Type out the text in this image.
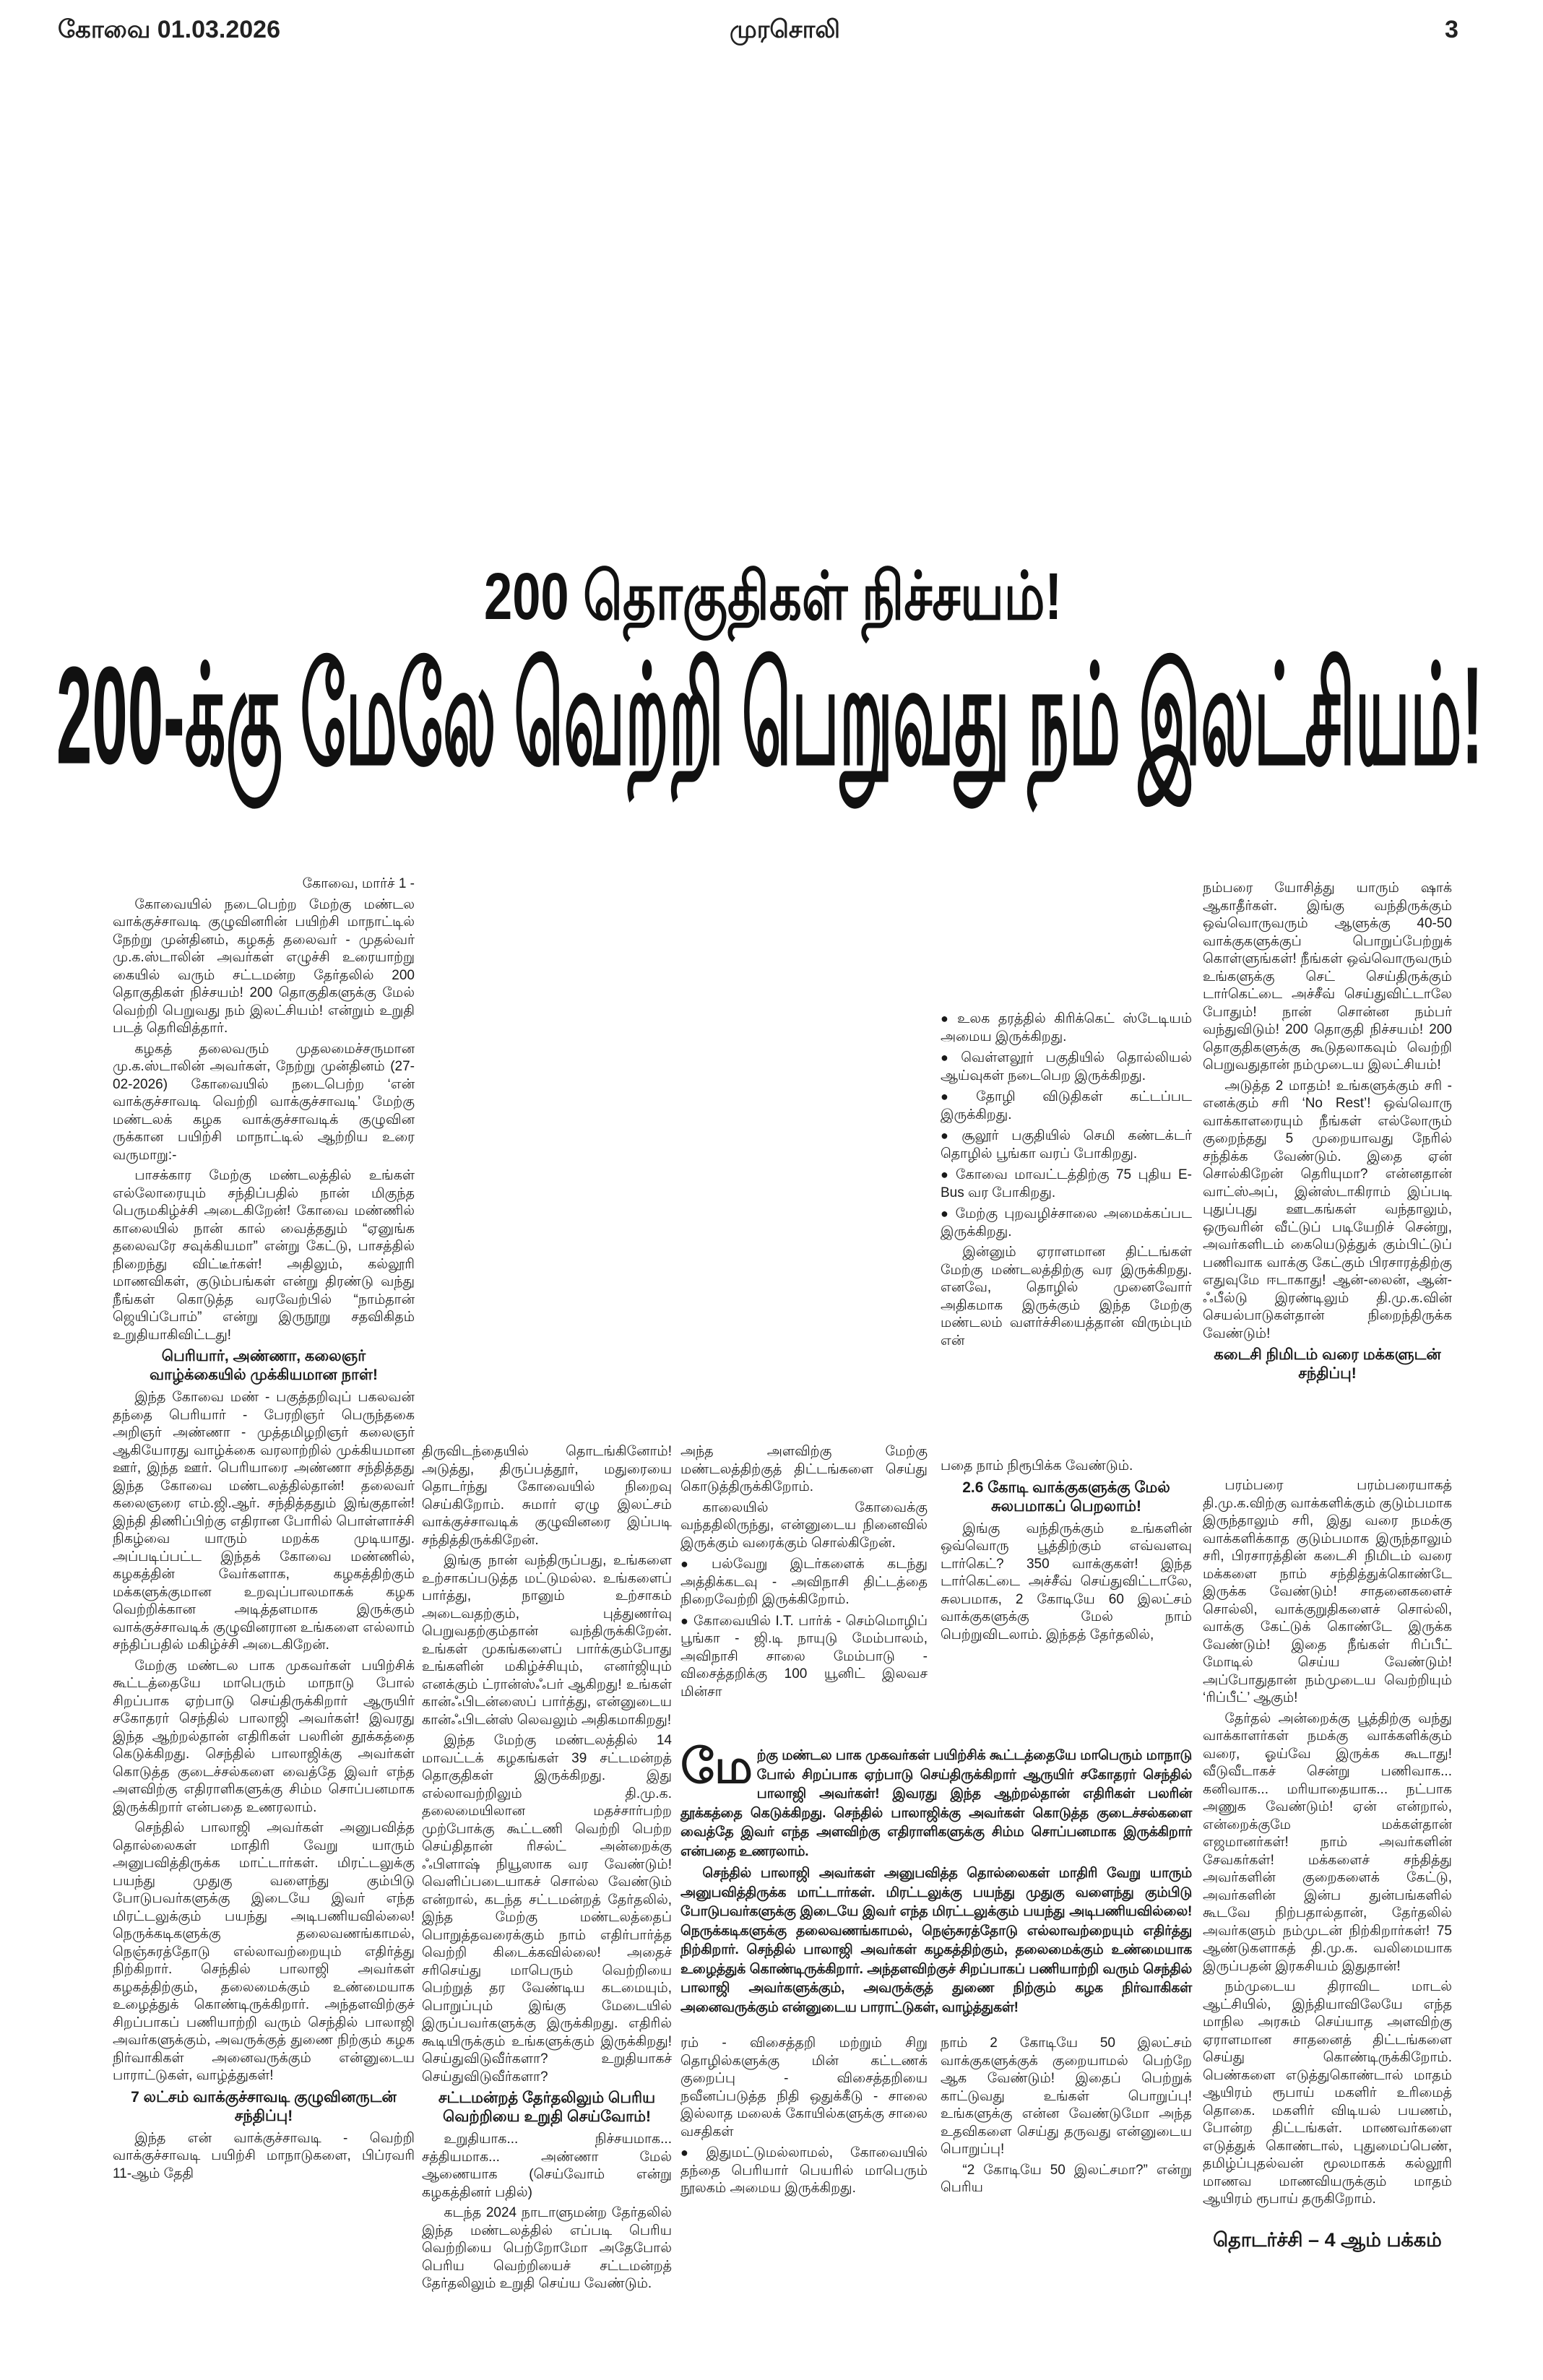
கோவை 01.03.2026	முரசொலி	3
200 தொகுதிகள் நிச்சயம்!
200-க்கு மேலே வெற்றி பெறுவது நம் இலட்சியம்!

கோவை, மார்ச் 1 -

கோவையில் நடைபெற்ற மேற்கு மண்டல வாக்குச்சாவடி குழுவினரின் பயிற்சி மாநாட்டில் நேற்று முன்தினம், கழகத் தலைவர் - முதல்வர் மு.க.ஸ்டாலின் அவர்கள் எழுச்சி உரையாற்று கையில் வரும் சட்டமன்ற தேர்தலில் 200 தொகுதிகள் நிச்சயம்! 200 தொகுதிகளுக்கு மேல் வெற்றி பெறுவது நம் இலட்சியம்! என்றும் உறுதி படத் தெரிவித்தார்.

கழகத் தலைவரும் முதலமைச்சருமான மு.க.ஸ்டாலின் அவர்கள், நேற்று முன்தினம் (27-02-2026) கோவையில் நடைபெற்ற ‘என் வாக்குச்சாவடி வெற்றி வாக்குச்சாவடி’ மேற்கு மண்டலக் கழக வாக்குச்சாவடிக் குழுவின ருக்கான பயிற்சி மாநாட்டில் ஆற்றிய உரை வருமாறு:-

பாசக்கார மேற்கு மண்டலத்தில் உங்கள் எல்லோரையும் சந்திப்பதில் நான் மிகுந்த பெருமகிழ்ச்சி அடைகிறேன்! கோவை மண்ணில் காலையில் நான் கால் வைத்ததும் “ஏனுங்க தலைவரே சவுக்கியமா” என்று கேட்டு, பாசத்தில் நிறைந்து விட்டீர்கள்! அதிலும், கல்லூரி மாணவிகள், குடும்பங்கள் என்று திரண்டு வந்து நீங்கள் கொடுத்த வரவேற்பில் “நாம்தான் ஜெயிப்போம்” என்று இருநூறு சதவிகிதம் உறுதியாகிவிட்டது!

பெரியார், அண்ணா, கலைஞர் வாழ்க்கையில் முக்கியமான நாள்!

இந்த கோவை மண் - பகுத்தறிவுப் பகலவன் தந்தை பெரியார் - பேரறிஞர் பெருந்தகை அறிஞர் அண்ணா - முத்தமிழறிஞர் கலைஞர் ஆகியோரது வாழ்க்கை வரலாற்றில் முக்கியமான ஊர், இந்த ஊர். பெரியாரை அண்ணா சந்தித்தது இந்த கோவை மண்டலத்தில்தான்! தலைவர் கலைஞரை எம்.ஜி.ஆர். சந்தித்ததும் இங்குதான்! இந்தி திணிப்பிற்கு எதிரான போரில் பொள்ளாச்சி நிகழ்வை யாரும் மறக்க முடியாது. அப்படிப்பட்ட இந்தக் கோவை மண்ணில், கழகத்தின் வேர்களாக, கழகத்திற்கும் மக்களுக்குமான உறவுப்பாலமாகக் கழக வெற்றிக்கான அடித்தளமாக இருக்கும் வாக்குச்சாவடிக் குழுவினரான உங்களை எல்லாம் சந்திப்பதில் மகிழ்ச்சி அடைகிறேன்.

மேற்கு மண்டல பாக முகவர்கள் பயிற்சிக் கூட்டத்தையே மாபெரும் மாநாடு போல் சிறப்பாக ஏற்பாடு செய்திருக்கிறார் ஆருயிர் சகோதரர் செந்தில் பாலாஜி அவர்கள்! இவரது இந்த ஆற்றல்தான் எதிரிகள் பலரின் தூக்கத்தை கெடுக்கிறது. செந்தில் பாலாஜிக்கு அவர்கள் கொடுத்த குடைச்சல்களை வைத்தே இவர் எந்த அளவிற்கு எதிராளிகளுக்கு சிம்ம சொப்பனமாக இருக்கிறார் என்பதை உணரலாம்.

செந்தில் பாலாஜி அவர்கள் அனுபவித்த தொல்லைகள் மாதிரி வேறு யாரும் அனுபவித்திருக்க மாட்டார்கள். மிரட்டலுக்கு பயந்து முதுகு வளைந்து கும்பிடு போடுபவர்களுக்கு இடையே இவர் எந்த மிரட்டலுக்கும் பயந்து அடிபணியவில்லை! நெருக்கடிகளுக்கு தலைவணங்காமல், நெஞ்சுரத்தோடு எல்லாவற்றையும் எதிர்த்து நிற்கிறார். செந்தில் பாலாஜி அவர்கள் கழகத்திற்கும், தலைமைக்கும் உண்மையாக உழைத்துக் கொண்டிருக்கிறார். அந்தளவிற்குச் சிறப்பாகப் பணியாற்றி வரும் செந்தில் பாலாஜி அவர்களுக்கும், அவருக்குத் துணை நிற்கும் கழக நிர்வாகிகள் அனைவருக்கும் என்னுடைய பாராட்டுகள், வாழ்த்துகள்!

7 லட்சம் வாக்குச்சாவடி குழுவினருடன் சந்திப்பு!

இந்த என் வாக்குச்சாவடி - வெற்றி வாக்குச்சாவடி பயிற்சி மாநாடுகளை, பிப்ரவரி 11-ஆம் தேதி

திருவிடந்தையில் தொடங்கினோம்! அடுத்து, திருப்பத்தூர், மதுரையை தொடர்ந்து கோவையில் நிறைவு செய்கிறோம். சுமார் ஏழு இலட்சம் வாக்குச்சாவடிக் குழுவினரை இப்படி சந்தித்திருக்கிறேன்.

இங்கு நான் வந்திருப்பது, உங்களை உற்சாகப்படுத்த மட்டுமல்ல. உங்களைப் பார்த்து, நானும் உற்சாகம் அடைவதற்கும், புத்துணர்வு பெறுவதற்கும்தான் வந்திருக்கிறேன். உங்கள் முகங்களைப் பார்க்கும்போது உங்களின் மகிழ்ச்சியும், எனர்ஜியும் எனக்கும் ட்ரான்ஸ்ஃபர் ஆகிறது! உங்கள் கான்ஃபிடன்ஸைப் பார்த்து, என்னுடைய கான்ஃபிடன்ஸ் லெவலும் அதிகமாகிறது!

இந்த மேற்கு மண்டலத்தில் 14 மாவட்டக் கழகங்கள் 39 சட்டமன்றத் தொகுதிகள் இருக்கிறது. இது எல்லாவற்றிலும் தி.மு.க. தலைமையிலான மதச்சார்பற்ற முற்போக்கு கூட்டணி வெற்றி பெற்ற செய்திதான் ரிசல்ட் அன்றைக்கு ஃபிளாஷ் நியூஸாக வர வேண்டும்! வெளிப்படையாகச் சொல்ல வேண்டும் என்றால், கடந்த சட்டமன்றத் தேர்தலில், இந்த மேற்கு மண்டலத்தைப் பொறுத்தவரைக்கும் நாம் எதிர்பார்த்த வெற்றி கிடைக்கவில்லை! அதைச் சரிசெய்து மாபெரும் வெற்றியை பெற்றுத் தர வேண்டிய கடமையும், பொறுப்பும் இங்கு மேடையில் இருப்பவர்களுக்கு இருக்கிறது. எதிரில் கூடியிருக்கும் உங்களுக்கும் இருக்கிறது! செய்துவிடுவீர்களா? உறுதியாகச் செய்துவிடுவீர்களா?

சட்டமன்றத் தேர்தலிலும் பெரிய வெற்றியை உறுதி செய்வோம்!

உறுதியாக... நிச்சயமாக... சத்தியமாக... அண்ணா மேல் ஆணையாக (செய்வோம் என்று கழகத்தினர் பதில்)

கடந்த 2024 நாடாளுமன்ற தேர்தலில் இந்த மண்டலத்தில் எப்படி பெரிய வெற்றியை பெற்றோமோ அதேபோல் பெரிய வெற்றியைச் சட்டமன்றத் தேர்தலிலும் உறுதி செய்ய வேண்டும்.

அந்த அளவிற்கு மேற்கு மண்டலத்திற்குத் திட்டங்களை செய்து கொடுத்திருக்கிறோம்.

காலையில் கோவைக்கு வந்ததிலிருந்து, என்னுடைய நினைவில் இருக்கும் வரைக்கும் சொல்கிறேன்.

● பல்வேறு இடர்களைக் கடந்து அத்திக்கடவு - அவிநாசி திட்டத்தை நிறைவேற்றி இருக்கிறோம்.

● கோவையில் I.T. பார்க் - செம்மொழிப் பூங்கா - ஜி.டி நாயுடு மேம்பாலம், அவிநாசி சாலை மேம்பாடு - விசைத்தறிக்கு 100 யூனிட் இலவச மின்சா

● உலக தரத்தில் கிரிக்கெட் ஸ்டேடியம் அமைய இருக்கிறது.

● வெள்ளலூர் பகுதியில் தொல்லியல் ஆய்வுகள் நடைபெற இருக்கிறது.

● தோழி விடுதிகள் கட்டப்பட இருக்கிறது.

● சூலூர் பகுதியில் செமி கண்டக்டர் தொழில் பூங்கா வரப் போகிறது.

● கோவை மாவட்டத்திற்கு 75 புதிய E-Bus வர போகிறது.

● மேற்கு புறவழிச்சாலை அமைக்கப்பட இருக்கிறது.

இன்னும் ஏராளமான திட்டங்கள் மேற்கு மண்டலத்திற்கு வர இருக்கிறது. எனவே, தொழில் முனைவோர் அதிகமாக இருக்கும் இந்த மேற்கு மண்டலம் வளர்ச்சியைத்தான் விரும்பும் என்

பதை நாம் நிரூபிக்க வேண்டும்.

2.6 கோடி வாக்குகளுக்கு மேல் சுலபமாகப் பெறலாம்!

இங்கு வந்திருக்கும் உங்களின் ஒவ்வொரு பூத்திற்கும் எவ்வளவு டார்கெட்? 350 வாக்குகள்! இந்த டார்கெட்டை அச்சீவ் செய்துவிட்டாலே, சுலபமாக, 2 கோடியே 60 இலட்சம் வாக்குகளுக்கு மேல் நாம் பெற்றுவிடலாம். இந்தத் தேர்தலில்,

மேற்கு மண்டல பாக முகவர்கள் பயிற்சிக் கூட்டத்தையே மாபெரும் மாநாடு போல் சிறப்பாக ஏற்பாடு செய்திருக்கிறார் ஆருயிர் சகோதரர் செந்தில் பாலாஜி அவர்கள்! இவரது இந்த ஆற்றல்தான் எதிரிகள் பலரின் தூக்கத்தை கெடுக்கிறது. செந்தில் பாலாஜிக்கு அவர்கள் கொடுத்த குடைச்சல்களை வைத்தே இவர் எந்த அளவிற்கு எதிராளிகளுக்கு சிம்ம சொப்பனமாக இருக்கிறார் என்பதை உணரலாம்.

செந்தில் பாலாஜி அவர்கள் அனுபவித்த தொல்லைகள் மாதிரி வேறு யாரும் அனுபவித்திருக்க மாட்டார்கள். மிரட்டலுக்கு பயந்து முதுகு வளைந்து கும்பிடு போடுபவர்களுக்கு இடையே இவர் எந்த மிரட்டலுக்கும் பயந்து அடிபணியவில்லை! நெருக்கடிகளுக்கு தலைவணங்காமல், நெஞ்சுரத்தோடு எல்லாவற்றையும் எதிர்த்து நிற்கிறார். செந்தில் பாலாஜி அவர்கள் கழகத்திற்கும், தலைமைக்கும் உண்மையாக உழைத்துக் கொண்டிருக்கிறார். அந்தளவிற்குச் சிறப்பாகப் பணியாற்றி வரும் செந்தில் பாலாஜி அவர்களுக்கும், அவருக்குத் துணை நிற்கும் கழக நிர்வாகிகள் அனைவருக்கும் என்னுடைய பாராட்டுகள், வாழ்த்துகள்!

ரம் - விசைத்தறி மற்றும் சிறு தொழில்களுக்கு மின் கட்டணக் குறைப்பு - விசைத்தறியை நவீனப்படுத்த நிதி ஒதுக்கீடு - சாலை இல்லாத மலைக் கோயில்களுக்கு சாலை வசதிகள்

● இதுமட்டுமல்லாமல், கோவையில் தந்தை பெரியார் பெயரில் மாபெரும் நூலகம் அமைய இருக்கிறது.

நாம் 2 கோடியே 50 இலட்சம் வாக்குகளுக்குக் குறையாமல் பெற்றே ஆக வேண்டும்! இதைப் பெற்றுக் காட்டுவது உங்கள் பொறுப்பு! உங்களுக்கு என்ன வேண்டுமோ அந்த உதவிகளை செய்து தருவது என்னுடைய பொறுப்பு!

“2 கோடியே 50 இலட்சமா?” என்று பெரிய

நம்பரை யோசித்து யாரும் ஷாக் ஆகாதீர்கள். இங்கு வந்திருக்கும் ஒவ்வொருவரும் ஆளுக்கு 40-50 வாக்குகளுக்குப் பொறுப்பேற்றுக் கொள்ளுங்கள்! நீங்கள் ஒவ்வொருவரும் உங்களுக்கு செட் செய்திருக்கும் டார்கெட்டை அச்சீவ் செய்துவிட்டாலே போதும்! நான் சொன்ன நம்பர் வந்துவிடும்! 200 தொகுதி நிச்சயம்! 200 தொகுதிகளுக்கு கூடுதலாகவும் வெற்றி பெறுவதுதான் நம்முடைய இலட்சியம்!

அடுத்த 2 மாதம்! உங்களுக்கும் சரி - எனக்கும் சரி ‘No Rest’! ஒவ்வொரு வாக்காளரையும் நீங்கள் எல்லோரும் குறைந்தது 5 முறையாவது நேரில் சந்திக்க வேண்டும். இதை ஏன் சொல்கிறேன் தெரியுமா? என்னதான் வாட்ஸ்அப், இன்ஸ்டாகிராம் இப்படி புதுப்புது ஊடகங்கள் வந்தாலும், ஒருவரின் வீட்டுப் படியேறிச் சென்று, அவர்களிடம் கையெடுத்துக் கும்பிட்டுப் பணிவாக வாக்கு கேட்கும் பிரசாரத்திற்கு எதுவுமே ஈடாகாது! ஆன்-லைன், ஆன்-ஃபீல்டு இரண்டிலும் தி.மு.க.வின் செயல்பாடுகள்தான் நிறைந்திருக்க வேண்டும்!

கடைசி நிமிடம் வரை மக்களுடன் சந்திப்பு!

பரம்பரை பரம்பரையாகத் தி.மு.க.விற்கு வாக்களிக்கும் குடும்பமாக இருந்தாலும் சரி, இது வரை நமக்கு வாக்களிக்காத குடும்பமாக இருந்தாலும் சரி, பிரசாரத்தின் கடைசி நிமிடம் வரை மக்களை நாம் சந்தித்துக்கொண்டே இருக்க வேண்டும்! சாதனைகளைச் சொல்லி, வாக்குறுதிகளைச் சொல்லி, வாக்கு கேட்டுக் கொண்டே இருக்க வேண்டும்! இதை நீங்கள் ரிப்பீட் மோடில் செய்ய வேண்டும்! அப்போதுதான் நம்முடைய வெற்றியும் ‘ரிப்பீட்’ ஆகும்!

தேர்தல் அன்றைக்கு பூத்திற்கு வந்து வாக்காளர்கள் நமக்கு வாக்களிக்கும் வரை, ஓய்வே இருக்க கூடாது! வீடுவீடாகச் சென்று பணிவாக... கனிவாக... மரியாதையாக... நட்பாக அணுக வேண்டும்! ஏன் என்றால், என்றைக்குமே மக்கள்தான் எஜமானர்கள்! நாம் அவர்களின் சேவகர்கள்! மக்களைச் சந்தித்து அவர்களின் குறைகளைக் கேட்டு, அவர்களின் இன்ப துன்பங்களில் கூடவே நிற்பதால்தான், தேர்தலில் அவர்களும் நம்முடன் நிற்கிறார்கள்! 75 ஆண்டுகளாகத் தி.மு.க. வலிமையாக இருப்பதன் இரகசியம் இதுதான்!

நம்முடைய திராவிட மாடல் ஆட்சியில், இந்தியாவிலேயே எந்த மாநில அரசும் செய்யாத அளவிற்கு ஏராளமான சாதனைத் திட்டங்களை செய்து கொண்டிருக்கிறோம். பெண்களை எடுத்துகொண்டால் மாதம் ஆயிரம் ரூபாய் மகளிர் உரிமைத் தொகை. மகளிர் விடியல் பயணம், போன்ற திட்டங்கள். மாணவர்களை எடுத்துக் கொண்டால், புதுமைப்பெண், தமிழ்ப்புதல்வன் மூலமாகக் கல்லூரி மாணவ மாணவியருக்கும் மாதம் ஆயிரம் ரூபாய் தருகிறோம்.

தொடர்ச்சி – 4 ஆம் பக்கம்
